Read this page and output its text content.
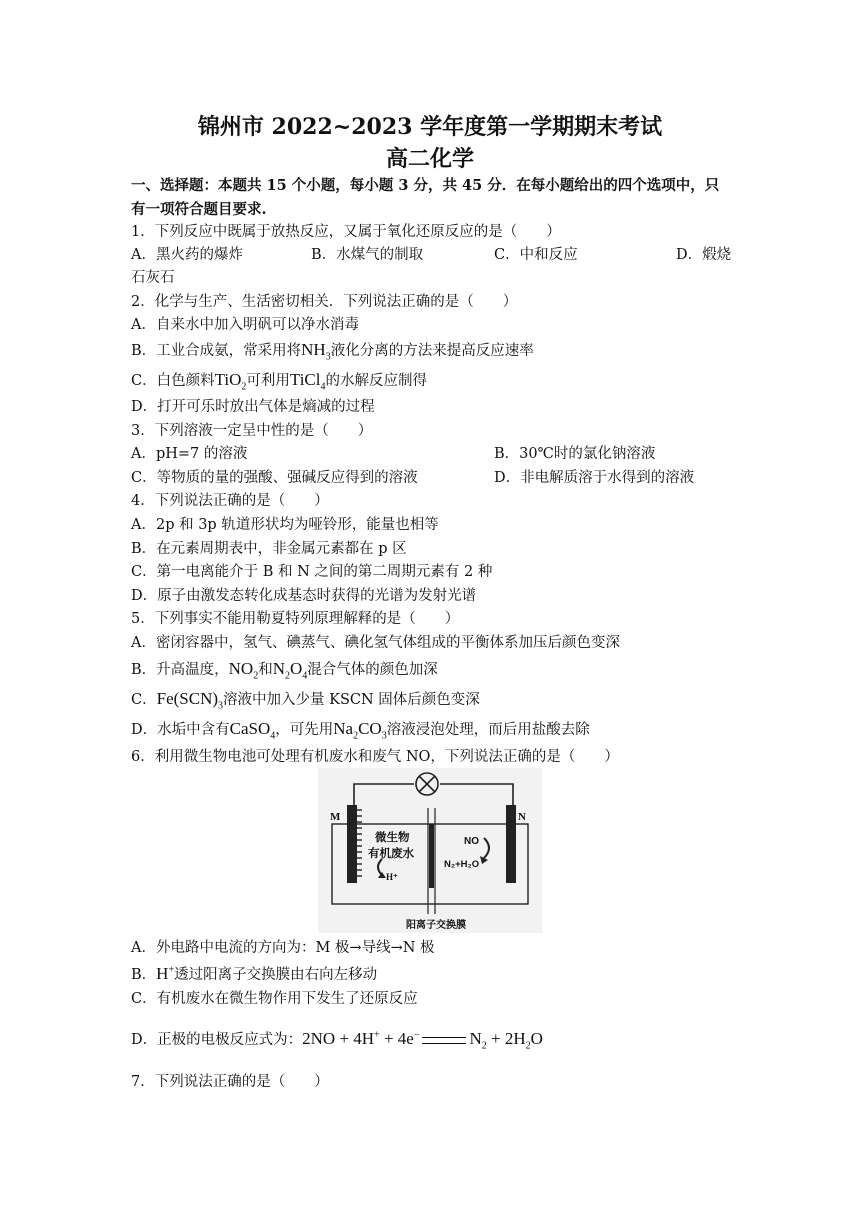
锦州市 2022~2023 学年度第一学期期末考试
高二化学
一、选择题：本题共 15 个小题，每小题 3 分，共 45 分．在每小题给出的四个选项中，只
有一项符合题目要求.
1．下列反应中既属于放热反应，又属于氧化还原反应的是（　　）
A．黑火药的爆炸	B．水煤气的制取	C．中和反应	D．煅烧
石灰石
2．化学与生产、生活密切相关．下列说法正确的是（　　）
A．自来水中加入明矾可以净水消毒
B．工业合成氨，常采用将$NH_3$液化分离的方法来提高反应速率
C．白色颜料TiO$_2$可利用TiCl$_4$的水解反应制得
D．打开可乐时放出气体是熵减的过程
3．下列溶液一定呈中性的是（　　）
A．pH=7 的溶液	B．30℃时的氯化钠溶液
C．等物质的量的强酸、强碱反应得到的溶液	D．非电解质溶于水得到的溶液
4．下列说法正确的是（　　）
A．2p 和 3p 轨道形状均为哑铃形，能量也相等
B．在元素周期表中，非金属元素都在 p 区
C．第一电离能介于 B 和 N 之间的第二周期元素有 2 种
D．原子由激发态转化成基态时获得的光谱为发射光谱
5．下列事实不能用勒夏特列原理解释的是（　　）
A．密闭容器中，氢气、碘蒸气、碘化氢气体组成的平衡体系加压后颜色变深
B．升高温度，$NO_2$和$N_2O_4$混合气体的颜色加深
C．$Fe(SCN)_3$溶液中加入少量 KSCN 固体后颜色变深
D．水垢中含有CaSO$_4$，可先用$Na_2CO_3$溶液浸泡处理，而后用盐酸去除
6．利用微生物电池可处理有机废水和废气 NO，下列说法正确的是（　　）
M	N
微生物
有机废水
H⁺
NO
N₂+H₂O
阳离子交换膜
A．外电路中电流的方向为：M 极→导线→N 极
B．H+透过阳离子交换膜由右向左移动
C．有机废水在微生物作用下发生了还原反应
D．正极的电极反应式为：2NO + 4H+ + 4e−	$N_2 + 2H_2O$
7．下列说法正确的是（　　）
